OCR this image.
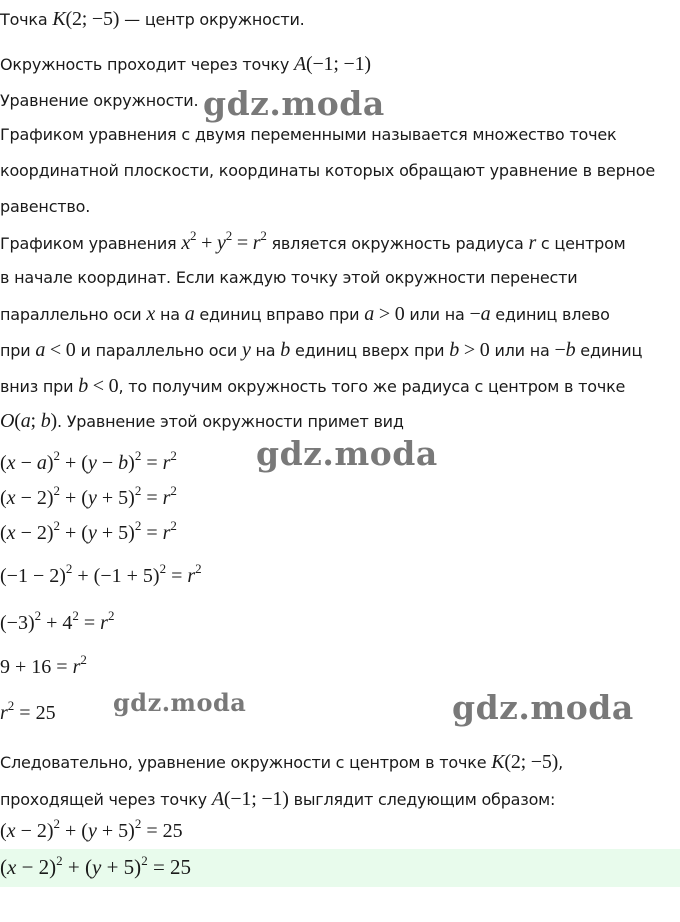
Точка K(2; −5) — центр окружности.
Окружность проходит через точку A(−1; −1)
Уравнение окружности.
Графиком уравнения с двумя переменными называется множество точек
координатной плоскости, координаты которых обращают уравнение в верное
равенство.
Графиком уравнения $x^2 + y^2 = r^2$ является окружность радиуса r с центром
в начале координат. Если каждую точку этой окружности перенести
параллельно оси x на a единиц вправо при a > 0 или на −a единиц влево
при a < 0 и параллельно оси y на b единиц вверх при b > 0 или на −b единиц
вниз при b < 0, то получим окружность того же радиуса с центром в точке
O(a; b). Уравнение этой окружности примет вид
$(x - a)^2 + (y - b)^2 = r^2$
$(x - 2)^2 + (y + 5)^2 = r^2$
$(x - 2)^2 + (y + 5)^2 = r^2$
$(-1 - 2)^2 + (-1 + 5)^2 = r^2$
$(-3)^2 + 4^2 = r^2$
$9 + 16 = r^2$
$r^2 = 25$
Следовательно, уравнение окружности с центром в точке K(2; −5),
проходящей через точку A(−1; −1) выглядит следующим образом:
$(x - 2)^2 + (y + 5)^2 = 25$
$(x - 2)^2 + (y + 5)^2 = 25$
gdz.moda
gdz.moda
gdz.moda	gdz.moda
